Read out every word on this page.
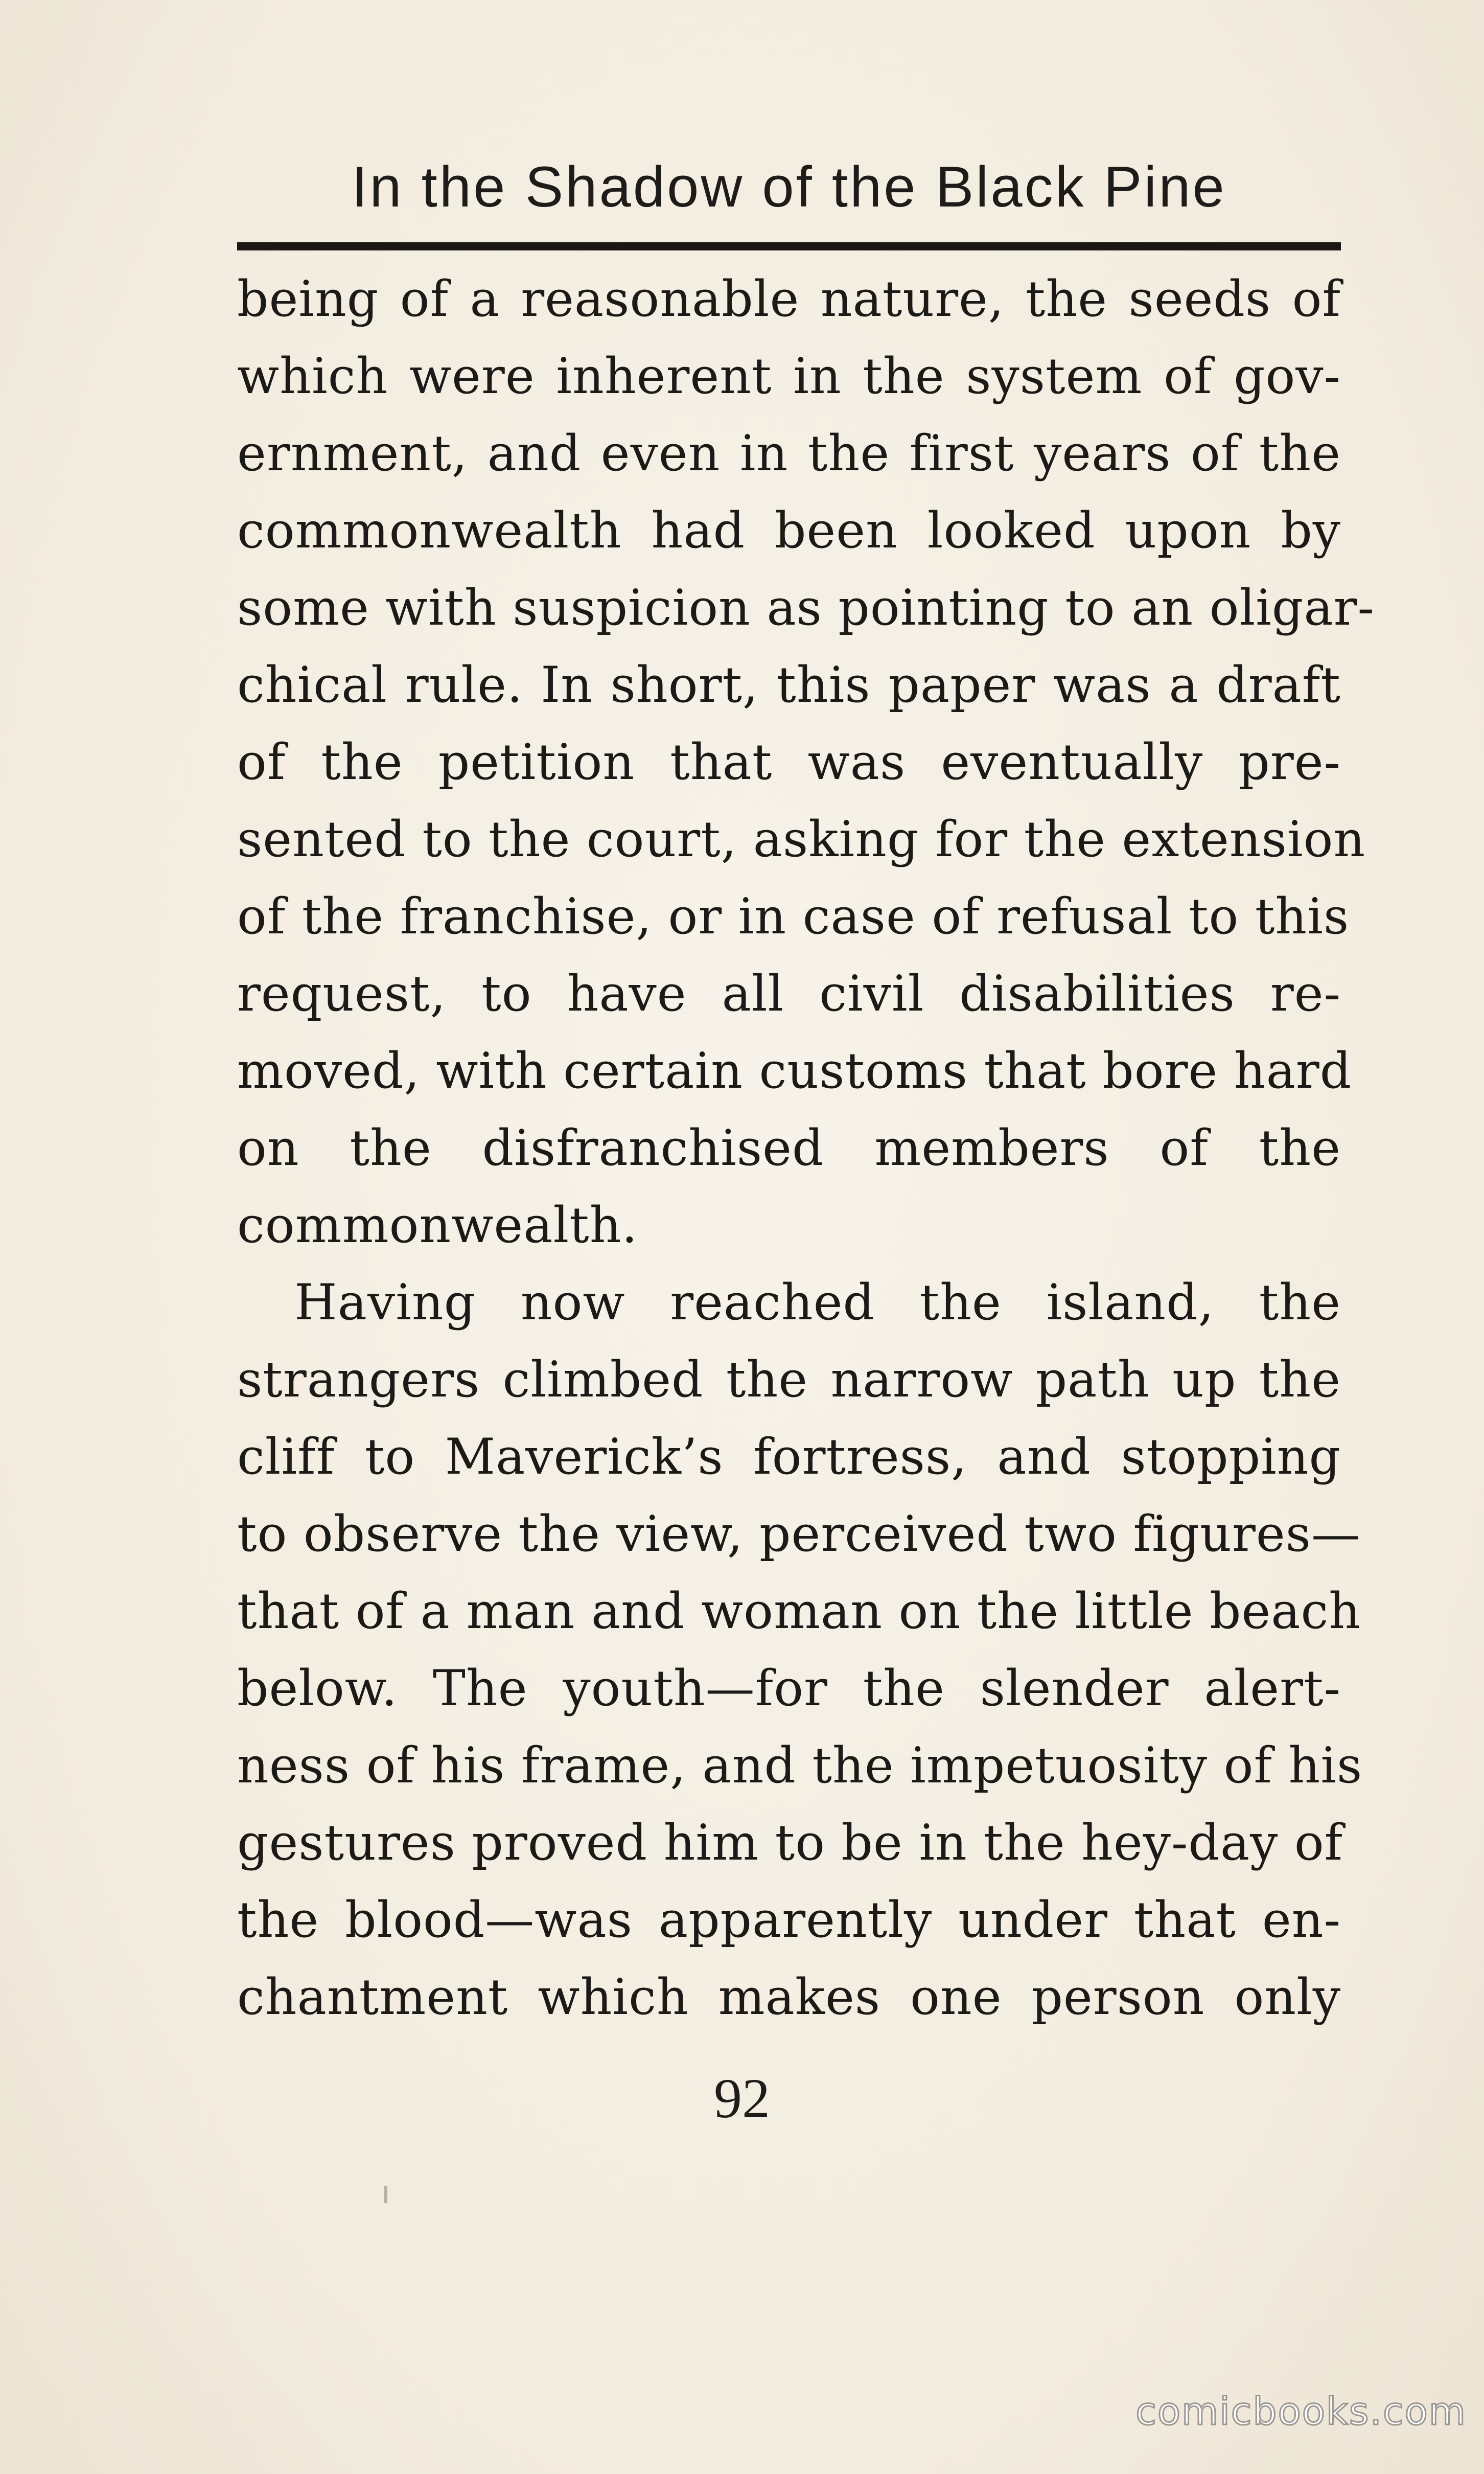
In the Shadow of the Black Pine
being of a reasonable nature, the seeds of
which were inherent in the system of gov-
ernment, and even in the first years of the
commonwealth had been looked upon by
some with suspicion as pointing to an oligar-
chical rule. In short, this paper was a draft
of the petition that was eventually pre-
sented to the court, asking for the extension
of the franchise, or in case of refusal to this
request, to have all civil disabilities re-
moved, with certain customs that bore hard
on the disfranchised members of the
commonwealth.
Having now reached the island, the
strangers climbed the narrow path up the
cliff to Maverick’s fortress, and stopping
to observe the view, perceived two figures—
that of a man and woman on the little beach
below. The youth—for the slender alert-
ness of his frame, and the impetuosity of his
gestures proved him to be in the hey-day of
the blood—was apparently under that en-
chantment which makes one person only
92
comicbooks.com
